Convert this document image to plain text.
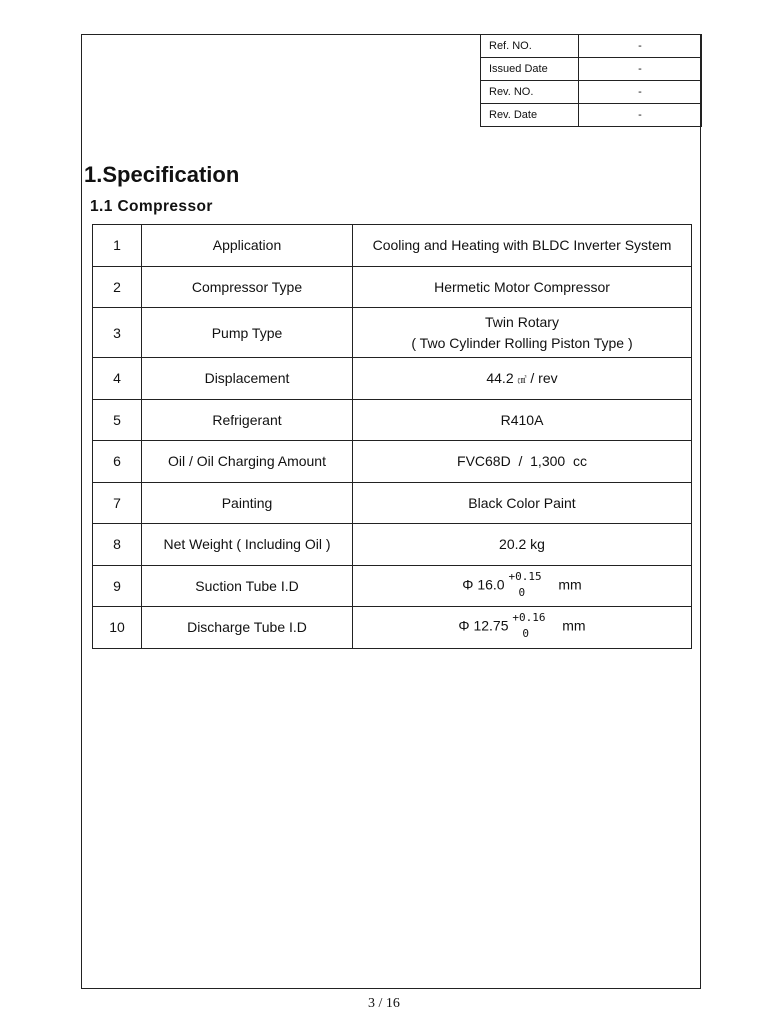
Ref. NO.	-
Issued Date	-
Rev. NO.	-
Rev. Date	-
1.Specification
1.1 Compressor
1	Application	Cooling and Heating with BLDC Inverter System
2	Compressor Type	Hermetic Motor Compressor
3	Pump Type	Twin Rotary
( Two Cylinder Rolling Piston Type )

4	Displacement	44.2 ㎤ / rev
5	Refrigerant	R410A
6	Oil / Oil Charging Amount	FVC68D  /  1,300  cc
7	Painting	Black Color Paint
8	Net Weight ( Including Oil )	20.2 kg
9	Suction Tube I.D	Φ 16.0
+0.15
0 mm
10	Discharge Tube I.D	Φ 12.75
+0.16
0 mm
3 / 16
